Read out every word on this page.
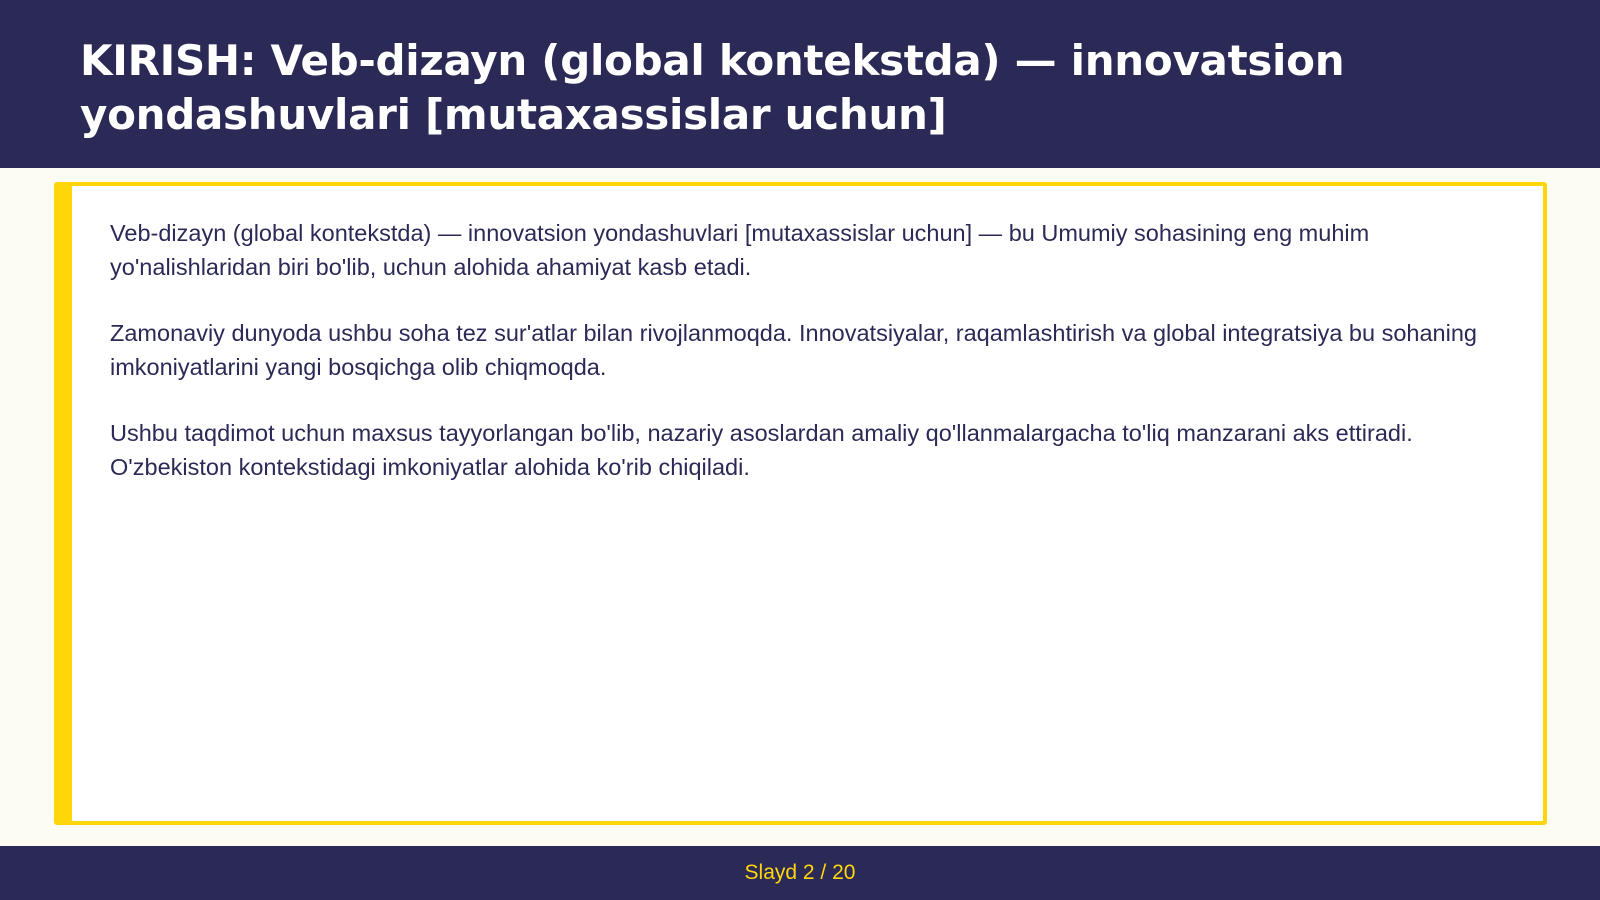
KIRISH: Veb-dizayn (global kontekstda) — innovatsion yondashuvlari [mutaxassislar uchun]

Veb-dizayn (global kontekstda) — innovatsion yondashuvlari [mutaxassislar uchun] — bu Umumiy sohasining eng muhim yo'nalishlaridan biri bo'lib, uchun alohida ahamiyat kasb etadi.

Zamonaviy dunyoda ushbu soha tez sur'atlar bilan rivojlanmoqda. Innovatsiyalar, raqamlashtirish va global integratsiya bu sohaning imkoniyatlarini yangi bosqichga olib chiqmoqda.

Ushbu taqdimot uchun maxsus tayyorlangan bo'lib, nazariy asoslardan amaliy qo'llanmalargacha to'liq manzarani aks ettiradi. O'zbekiston kontekstidagi imkoniyatlar alohida ko'rib chiqiladi.

Slayd 2 / 20
